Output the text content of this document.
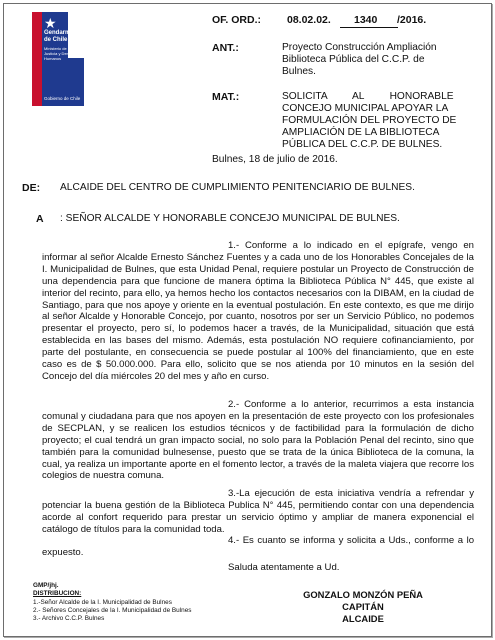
★
Gendarmería de Chile
Ministerio de Justicia y Derechos Humanos
Gobierno de Chile
OF. ORD.: 08.02.02. 1340 /2016.
ANT.:	Proyecto Construcción Ampliación
Biblioteca Pública del C.C.P. de
Bulnes.
MAT.:	SOLICITA         AL         HONORABLE
CONCEJO MUNICIPAL APOYAR LA
FORMULACIÓN DEL PROYECTO DE
AMPLIACIÓN DE LA BIBLIOTECA
PÚBLICA DEL C.C.P. DE BULNES.
Bulnes, 18 de julio de 2016.
DE: ALCAIDE DEL CENTRO DE CUMPLIMIENTO PENITENCIARIO DE BULNES.
A : SEÑOR ALCALDE Y HONORABLE CONCEJO MUNICIPAL DE BULNES.

1.- Conforme a lo indicado en el epígrafe, vengo en informar al señor Alcalde Ernesto Sánchez Fuentes y a cada uno de los Honorables Concejales de la I. Municipalidad de Bulnes, que esta Unidad Penal, requiere postular un Proyecto de Construcción de una dependencia para que funcione de manera óptima la Biblioteca Pública N° 445, que existe al interior del recinto, para ello, ya hemos hecho los contactos necesarios con la DIBAM, en la ciudad de Santiago, para que nos apoye y oriente en la eventual postulación. En este contexto, es que me dirijo al señor Alcalde y Honorable Concejo, por cuanto, nosotros por ser un Servicio Público, no podemos presentar el proyecto, pero sí, lo podemos hacer a través, de la Municipalidad, situación que está establecida en las bases del mismo. Además, esta postulación NO requiere cofinanciamiento, por parte del postulante, en consecuencia se puede postular al 100% del financiamiento, que en este caso es de $ 50.000.000. Para ello, solicito que se nos atienda por 10 minutos en la sesión del Concejo del día miércoles 20 del mes y año en curso.

2.- Conforme a lo anterior, recurrimos a esta instancia comunal y ciudadana para que nos apoyen en la presentación de este proyecto con los profesionales de SECPLAN, y se realicen los estudios técnicos y de factibilidad para la formulación de dicho proyecto; el cual tendrá un gran impacto social, no solo para la Población Penal del recinto, sino que también para la comunidad bulnesense, puesto que se trata de la única Biblioteca de la comuna, la cual, ya realiza un importante aporte en el fomento lector, a través de la maleta viajera que recorre los colegios de nuestra comuna.

3.-La ejecución de esta iniciativa vendría a refrendar y potenciar la buena gestión de la Biblioteca Publica N° 445, permitiendo contar con una dependencia acorde al confort requerido para prestar un servicio óptimo y ampliar de manera exponencial el catálogo de títulos para la comunidad toda.

4.- Es cuanto se informa y solicita a Uds., conforme a lo expuesto.

Saluda atentamente a Ud.
GMP/jhj.
DISTRIBUCION:
1.-Señor Alcalde de la I. Municipalidad de Bulnes
2.- Señores Concejales de la I. Municipalidad de Bulnes
3.- Archivo C.C.P. Bulnes
GONZALO MONZÓN PEÑA
CAPITÁN
ALCAIDE
